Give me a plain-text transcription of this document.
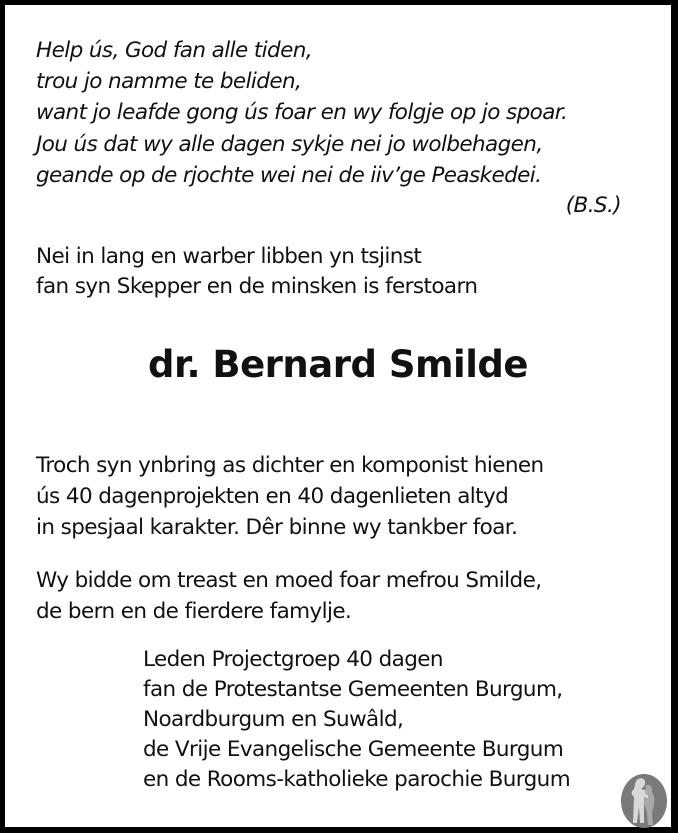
Help ús, God fan alle tiden,
trou jo namme te beliden,
want jo leafde gong ús foar en wy folgje op jo spoar.
Jou ús dat wy alle dagen sykje nei jo wolbehagen,
geande op de rjochte wei nei de iiv’ge Peaskedei.
(B.S.)
Nei in lang en warber libben yn tsjinst
fan syn Skepper en de minsken is ferstoarn
dr. Bernard Smilde
Troch syn ynbring as dichter en komponist hienen
ús 40 dagenprojekten en 40 dagenlieten altyd
in spesjaal karakter. Dêr binne wy tankber foar.
Wy bidde om treast en moed foar mefrou Smilde,
de bern en de fierdere famylje.
Leden Projectgroep 40 dagen
fan de Protestantse Gemeenten Burgum,
Noardburgum en Suwâld,
de Vrije Evangelische Gemeente Burgum
en de Rooms-katholieke parochie Burgum
